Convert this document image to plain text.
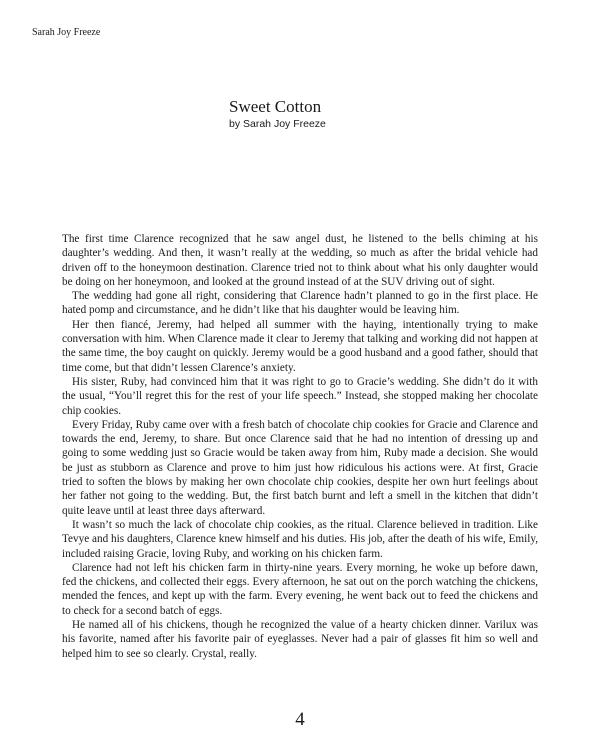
Sarah Joy Freeze
Sweet Cotton
by Sarah Joy Freeze

The first time Clarence recognized that he saw angel dust, he listened to the bells chiming at his daughter’s wedding. And then, it wasn’t really at the wedding, so much as after the bridal vehicle had driven off to the honeymoon destination. Clarence tried not to think about what his only daughter would be doing on her honeymoon, and looked at the ground instead of at the SUV driving out of sight.

The wedding had gone all right, considering that Clarence hadn’t planned to go in the first place. He hated pomp and circumstance, and he didn’t like that his daughter would be leaving him.

Her then fiancé, Jeremy, had helped all summer with the haying, intentionally trying to make conversation with him. When Clarence made it clear to Jeremy that talking and working did not happen at the same time, the boy caught on quickly. Jeremy would be a good husband and a good father, should that time come, but that didn’t lessen Clarence’s anxiety.

His sister, Ruby, had convinced him that it was right to go to Gracie’s wedding. She didn’t do it with the usual, “You’ll regret this for the rest of your life speech.” Instead, she stopped making her chocolate chip cookies.

Every Friday, Ruby came over with a fresh batch of chocolate chip cookies for Gracie and Clarence and towards the end, Jeremy, to share. But once Clarence said that he had no intention of dressing up and going to some wedding just so Gracie would be taken away from him, Ruby made a decision. She would be just as stubborn as Clarence and prove to him just how ridiculous his actions were. At first, Gracie tried to soften the blows by making her own chocolate chip cookies, despite her own hurt feelings about her father not going to the wedding. But, the first batch burnt and left a smell in the kitchen that didn’t quite leave until at least three days afterward.

It wasn’t so much the lack of chocolate chip cookies, as the ritual. Clarence believed in tradition. Like Tevye and his daughters, Clarence knew himself and his duties. His job, after the death of his wife, Emily, included raising Gracie, loving Ruby, and working on his chicken farm.

Clarence had not left his chicken farm in thirty-nine years. Every morning, he woke up before dawn, fed the chickens, and collected their eggs. Every afternoon, he sat out on the porch watching the chickens, mended the fences, and kept up with the farm. Every evening, he went back out to feed the chickens and to check for a second batch of eggs.

He named all of his chickens, though he recognized the value of a hearty chicken dinner. Varilux was his favorite, named after his favorite pair of eyeglasses. Never had a pair of glasses fit him so well and helped him to see so clearly. Crystal, really.

4
